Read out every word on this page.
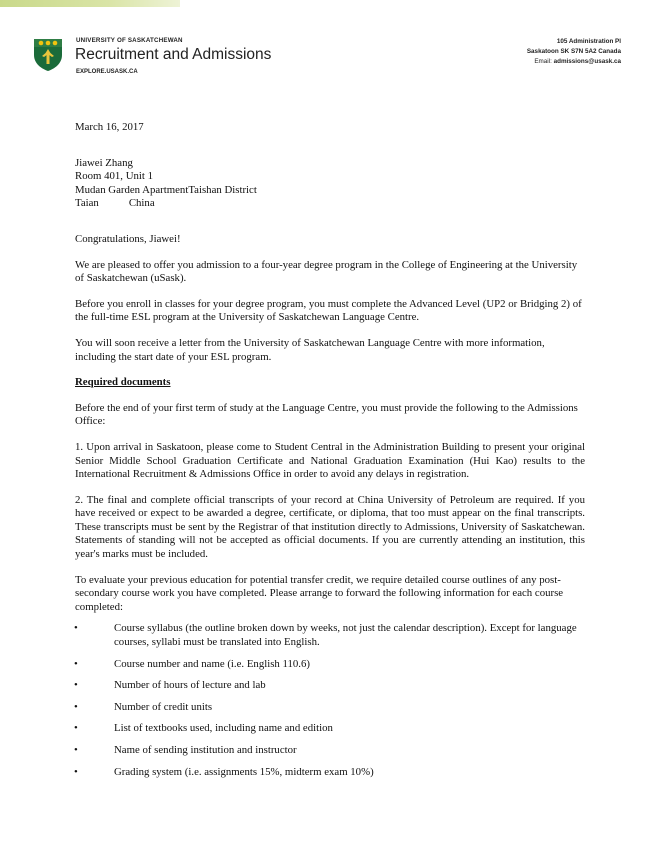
UNIVERSITY OF SASKATCHEWAN
Recruitment and Admissions
EXPLORE.USASK.CA
105 Administration Pl
Saskatoon SK S7N 5A2 Canada
Email: admissions@usask.ca

March 16, 2017

Jiawei Zhang

Room 401, Unit 1

Mudan Garden ApartmentTaishan District

Taian	China

Congratulations, Jiawei!

We are pleased to offer you admission to a four-year degree program in the College of Engineering at the University of Saskatchewan (uSask).

Before you enroll in classes for your degree program, you must complete the Advanced Level (UP2 or Bridging 2) of the full-time ESL program at the University of Saskatchewan Language Centre.

You will soon receive a letter from the University of Saskatchewan Language Centre with more information, including the start date of your ESL program.

Required documents

Before the end of your first term of study at the Language Centre, you must provide the following to the Admissions Office:

1. Upon arrival in Saskatoon, please come to Student Central in the Administration Building to present your original Senior Middle School Graduation Certificate and National Graduation Examination (Hui Kao) results to the International Recruitment & Admissions Office in order to avoid any delays in registration.

2. The final and complete official transcripts of your record at China University of Petroleum are required. If you have received or expect to be awarded a degree, certificate, or diploma, that too must appear on the final transcripts. These transcripts must be sent by the Registrar of that institution directly to Admissions, University of Saskatchewan. Statements of standing will not be accepted as official documents. If you are currently attending an institution, this year's marks must be included.

To evaluate your previous education for potential transfer credit, we require detailed course outlines of any post-secondary course work you have completed. Please arrange to forward the following information for each course completed:

•	Course syllabus (the outline broken down by weeks, not just the calendar description). Except for language courses, syllabi must be translated into English.
•	Course number and name (i.e. English 110.6)
•	Number of hours of lecture and lab
•	Number of credit units
•	List of textbooks used, including name and edition
•	Name of sending institution and instructor
•	Grading system (i.e. assignments 15%, midterm exam 10%)
